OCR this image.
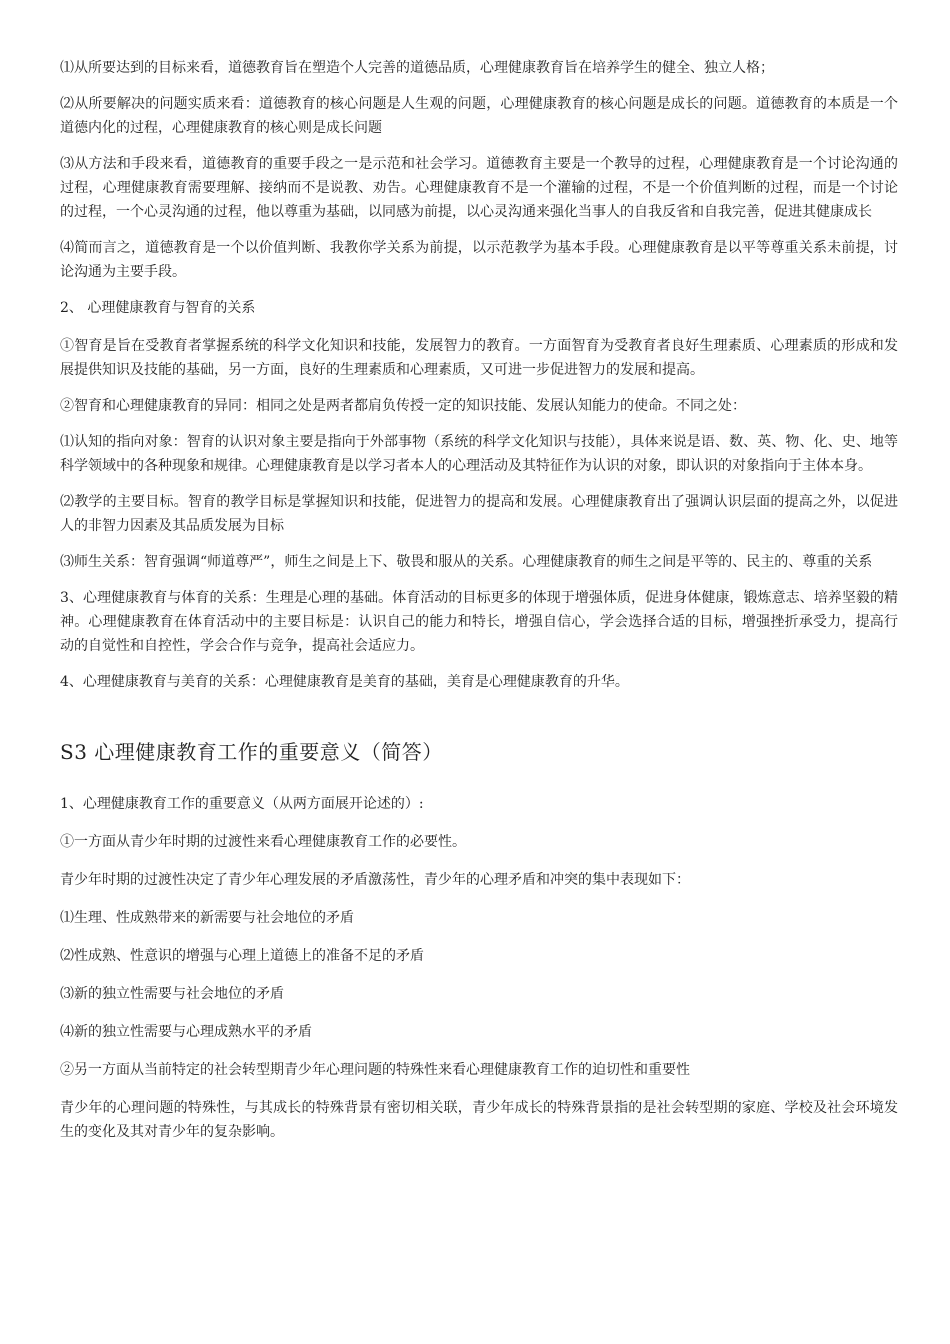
⑴从所要达到的目标来看，道德教育旨在塑造个人完善的道德品质，心理健康教育旨在培养学生的健全、独立人格；

⑵从所要解决的问题实质来看：道德教育的核心问题是人生观的问题，心理健康教育的核心问题是成长的问题。道德教育的本质是一个道德内化的过程，心理健康教育的核心则是成长问题

⑶从方法和手段来看，道德教育的重要手段之一是示范和社会学习。道德教育主要是一个教导的过程，心理健康教育是一个讨论沟通的过程，心理健康教育需要理解、接纳而不是说教、劝告。心理健康教育不是一个灌输的过程，不是一个价值判断的过程，而是一个讨论的过程，一个心灵沟通的过程，他以尊重为基础，以同感为前提，以心灵沟通来强化当事人的自我反省和自我完善，促进其健康成长

⑷简而言之，道德教育是一个以价值判断、我教你学关系为前提，以示范教学为基本手段。心理健康教育是以平等尊重关系未前提，讨论沟通为主要手段。

2、 心理健康教育与智育的关系

①智育是旨在受教育者掌握系统的科学文化知识和技能，发展智力的教育。一方面智育为受教育者良好生理素质、心理素质的形成和发展提供知识及技能的基础，另一方面，良好的生理素质和心理素质，又可进一步促进智力的发展和提高。

②智育和心理健康教育的异同：相同之处是两者都肩负传授一定的知识技能、发展认知能力的使命。不同之处：

⑴认知的指向对象：智育的认识对象主要是指向于外部事物（系统的科学文化知识与技能），具体来说是语、数、英、物、化、史、地等科学领域中的各种现象和规律。心理健康教育是以学习者本人的心理活动及其特征作为认识的对象，即认识的对象指向于主体本身。

⑵教学的主要目标。智育的教学目标是掌握知识和技能，促进智力的提高和发展。心理健康教育出了强调认识层面的提高之外，以促进人的非智力因素及其品质发展为目标

⑶师生关系：智育强调“师道尊严”，师生之间是上下、敬畏和服从的关系。心理健康教育的师生之间是平等的、民主的、尊重的关系

3、心理健康教育与体育的关系：生理是心理的基础。体育活动的目标更多的体现于增强体质，促进身体健康，锻炼意志、培养坚毅的精神。心理健康教育在体育活动中的主要目标是：认识自己的能力和特长，增强自信心，学会选择合适的目标，增强挫折承受力，提高行动的自觉性和自控性，学会合作与竞争，提高社会适应力。

4、心理健康教育与美育的关系：心理健康教育是美育的基础，美育是心理健康教育的升华。

S3 心理健康教育工作的重要意义（简答）

1、心理健康教育工作的重要意义（从两方面展开论述的）:

①一方面从青少年时期的过渡性来看心理健康教育工作的必要性。

青少年时期的过渡性决定了青少年心理发展的矛盾激荡性，青少年的心理矛盾和冲突的集中表现如下：

⑴生理、性成熟带来的新需要与社会地位的矛盾

⑵性成熟、性意识的增强与心理上道德上的准备不足的矛盾

⑶新的独立性需要与社会地位的矛盾

⑷新的独立性需要与心理成熟水平的矛盾

②另一方面从当前特定的社会转型期青少年心理问题的特殊性来看心理健康教育工作的迫切性和重要性

青少年的心理问题的特殊性，与其成长的特殊背景有密切相关联，青少年成长的特殊背景指的是社会转型期的家庭、学校及社会环境发生的变化及其对青少年的复杂影响。
